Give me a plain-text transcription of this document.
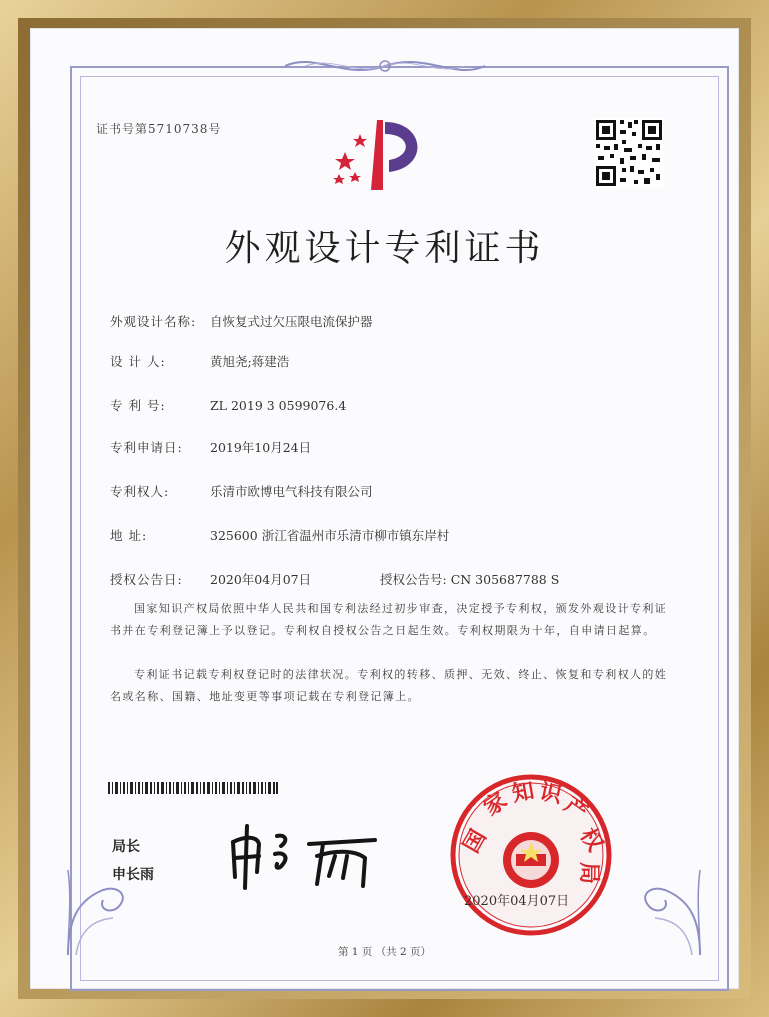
证书号第5710738号
外观设计专利证书
外观设计名称: 自恢复式过欠压限电流保护器
设 计 人:	黄旭尧;蒋建浩
专 利 号:	ZL 2019 3 0599076.4
专利申请日: 2019年10月24日
专利权人:	乐清市欧博电气科技有限公司
地 址:	325600 浙江省温州市乐清市柳市镇东岸村
授权公告日: 2020年04月07日	授权公告号: CN 305687788 S
国家知识产权局依照中华人民共和国专利法经过初步审查，决定授予专利权，颁发外观设计专利证书并在专利登记簿上予以登记。专利权自授权公告之日起生效。专利权期限为十年，自申请日起算。
专利证书记载专利权登记时的法律状况。专利权的转移、质押、无效、终止、恢复和专利权人的姓名或名称、国籍、地址变更等事项记载在专利登记簿上。
局长
申长雨
国
家
知 识
产
权
局
2020年04月07日
第 1 页 （共 2 页）
